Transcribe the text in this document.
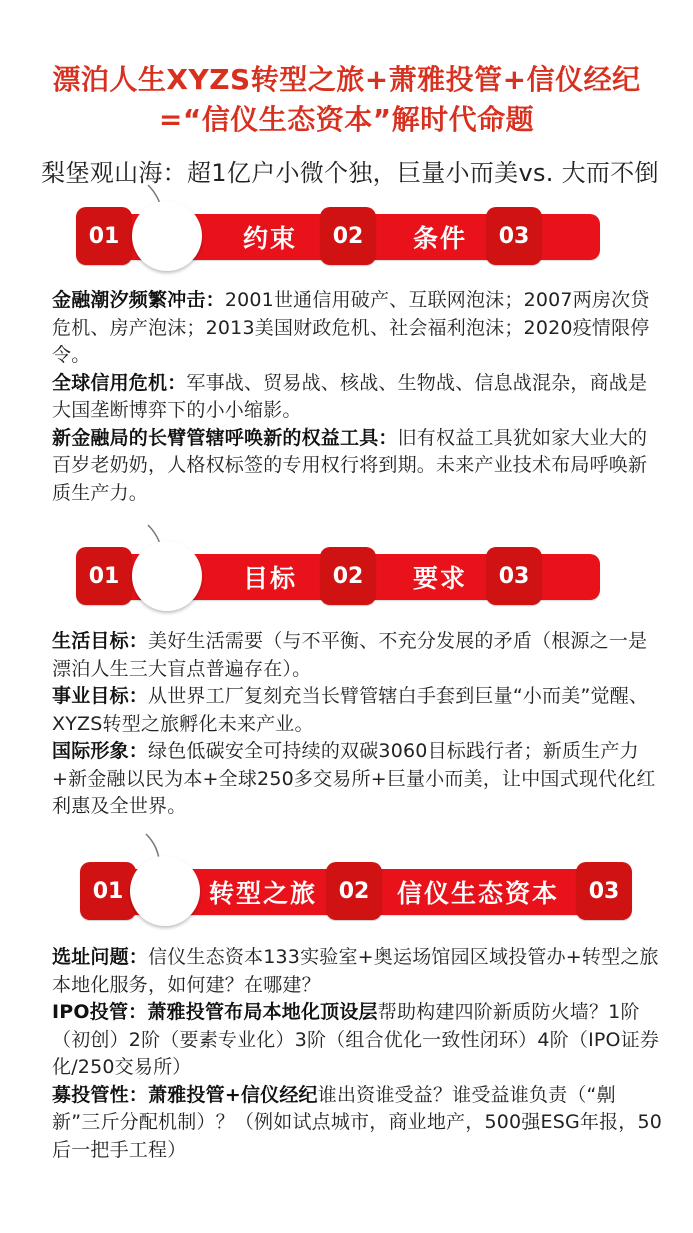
漂泊人生XYZS转型之旅+萧雅投管+信仪经纪
=“信仪生态资本”解时代命题
梨堡观山海：超1亿户小微个独，巨量小而美vs. 大而不倒
01	约束	02	条件	03

金融潮汐频繁冲击：2001世通信用破产、互联网泡沫；2007两房次贷危机、房产泡沫；2013美国财政危机、社会福利泡沫；2020疫情限停令。

全球信用危机：军事战、贸易战、核战、生物战、信息战混杂，商战是大国垄断博弈下的小小缩影。

新金融局的长臂管辖呼唤新的权益工具：旧有权益工具犹如家大业大的百岁老奶奶，人格权标签的专用权行将到期。未来产业技术布局呼唤新质生产力。

01	目标	02	要求	03

生活目标：美好生活需要（与不平衡、不充分发展的矛盾（根源之一是漂泊人生三大盲点普遍存在）。

事业目标：从世界工厂复刻充当长臂管辖白手套到巨量“小而美”觉醒、XYZS转型之旅孵化未来产业。

国际形象：绿色低碳安全可持续的双碳3060目标践行者；新质生产力+新金融以民为本+全球250多交易所+巨量小而美，让中国式现代化红利惠及全世界。

01	转型之旅 02	信仪生态资本	03

选址问题：信仪生态资本133实验室+奥运场馆园区域投管办+转型之旅本地化服务，如何建？在哪建？

IPO投管：萧雅投管布局本地化顶设层帮助构建四阶新质防火墙？1阶（初创）2阶（要素专业化）3阶（组合优化一致性闭环）4阶（IPO证券化/250交易所）

募投管性：萧雅投管+信仪经纪谁出资谁受益？谁受益谁负责（“劓新”三斤分配机制）？（例如试点城市，商业地产，500强ESG年报，50后一把手工程）
